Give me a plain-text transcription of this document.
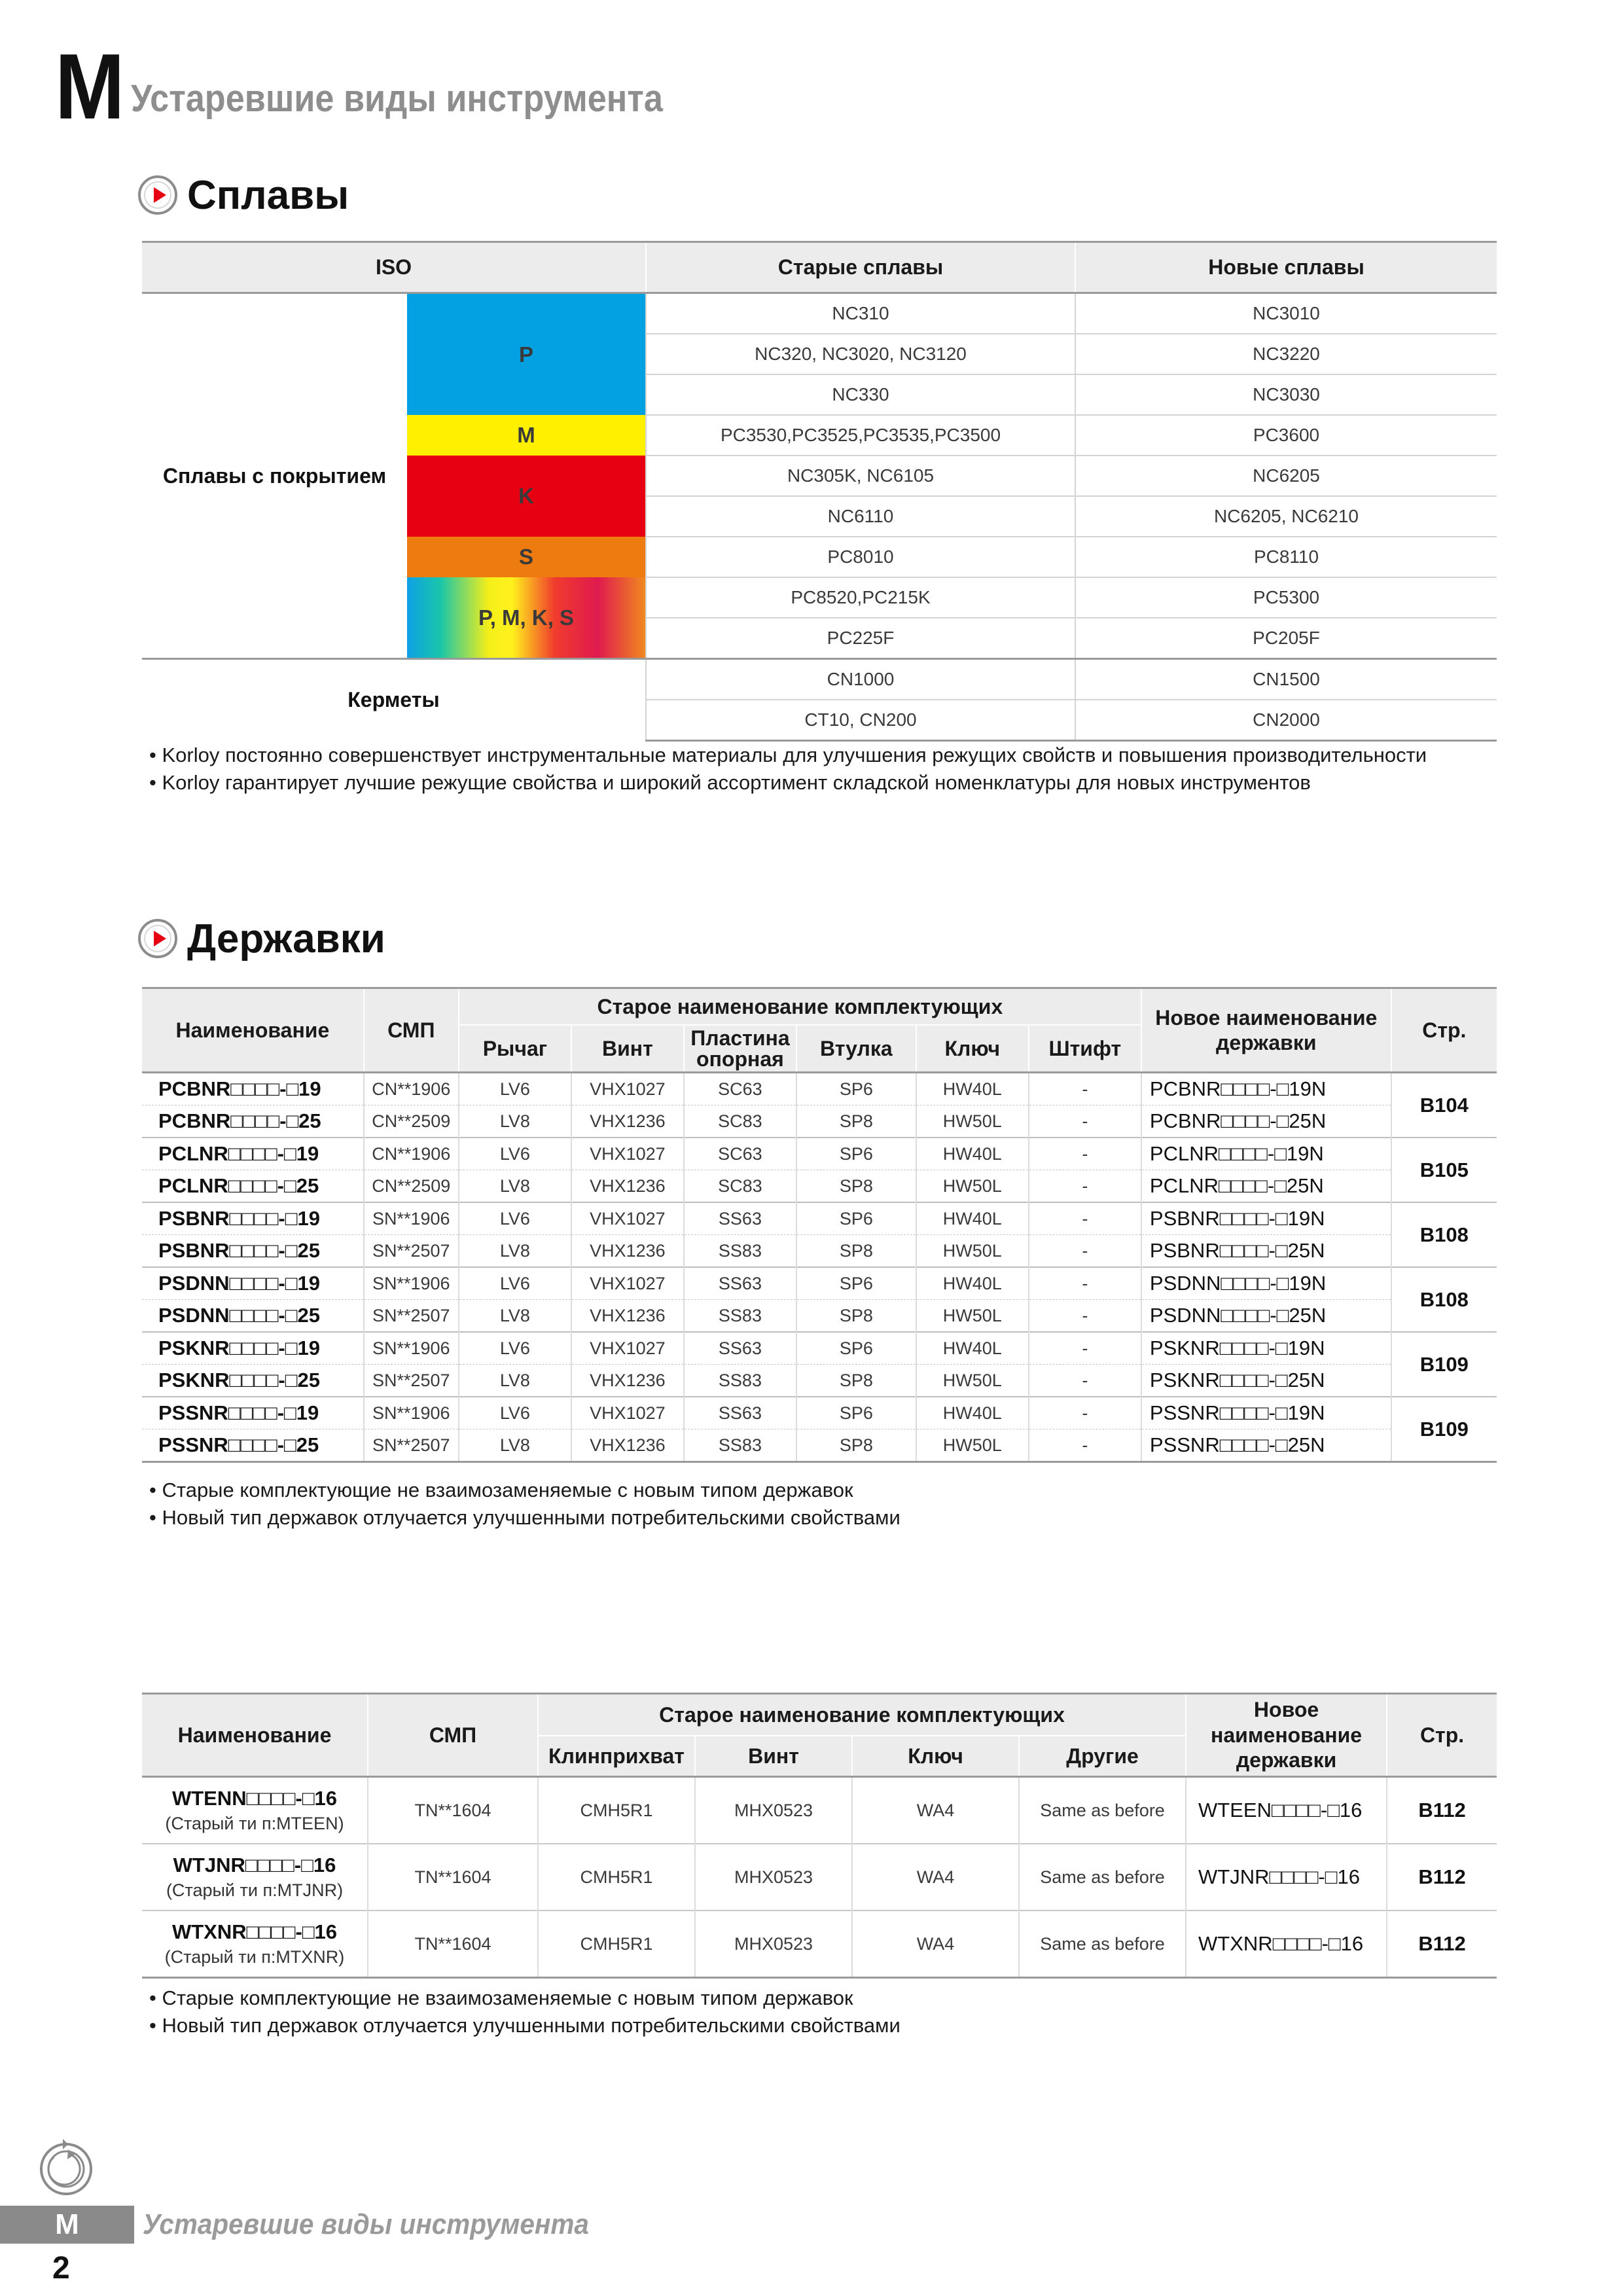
M Устаревшие виды инструмента
Сплавы
ISO		Старые сплавы	Новые сплавы
Сплавы с покрытием	P	NC310	NC3010
		NC320, NC3020, NC3120	NC3220
		NC330	NC3030
	M	PC3530,PC3525,PC3535,PC3500	PC3600
	K	NC305K, NC6105	NC6205
		NC6110	NC6205, NC6210
	S	PC8010	PC8110
	P, M, K, S	PC8520,PC215K	PC5300
		PC225F	PC205F
Керметы		CN1000	CN1500
		CT10, CN200	CN2000
• Korloy постоянно совершенствует инструментальные материалы для улучшения режущих свойств и повышения производительности
• Korloy гарантирует лучшие режущие свойства и широкий ассортимент складской номенклатуры для новых инструментов
Державки
Наименование	СМП	Старое наименование комплектующих						Новое наименование державки	Стр.
		Рычаг	Винт	Пластина опорная	Втулка	Ключ	Штифт		
PCBNR□□□□-□19	CN**1906	LV6	VHX1027	SC63	SP6	HW40L	-	PCBNR□□□□-□19N	B104
PCBNR□□□□-□25	CN**2509	LV8	VHX1236	SC83	SP8	HW50L	-	PCBNR□□□□-□25N	
PCLNR□□□□-□19	CN**1906	LV6	VHX1027	SC63	SP6	HW40L	-	PCLNR□□□□-□19N	B105
PCLNR□□□□-□25	CN**2509	LV8	VHX1236	SC83	SP8	HW50L	-	PCLNR□□□□-□25N	
PSBNR□□□□-□19	SN**1906	LV6	VHX1027	SS63	SP6	HW40L	-	PSBNR□□□□-□19N	B108
PSBNR□□□□-□25	SN**2507	LV8	VHX1236	SS83	SP8	HW50L	-	PSBNR□□□□-□25N	
PSDNN□□□□-□19	SN**1906	LV6	VHX1027	SS63	SP6	HW40L	-	PSDNN□□□□-□19N	B108
PSDNN□□□□-□25	SN**2507	LV8	VHX1236	SS83	SP8	HW50L	-	PSDNN□□□□-□25N	
PSKNR□□□□-□19	SN**1906	LV6	VHX1027	SS63	SP6	HW40L	-	PSKNR□□□□-□19N	B109
PSKNR□□□□-□25	SN**2507	LV8	VHX1236	SS83	SP8	HW50L	-	PSKNR□□□□-□25N	
PSSNR□□□□-□19	SN**1906	LV6	VHX1027	SS63	SP6	HW40L	-	PSSNR□□□□-□19N	B109
PSSNR□□□□-□25	SN**2507	LV8	VHX1236	SS83	SP8	HW50L	-	PSSNR□□□□-□25N	
• Старые комплектующие не взаимозаменяемые с новым типом державок
• Новый тип державок отлучается улучшенными потребительскими свойствами
Наименование	СМП	Старое наименование комплектующих				Новое наименование державки	Стр.
		Клинприхват	Винт	Ключ	Другие		

WTENN□□□□-□16
(Старый ти п:MTEEN)	TN**1604	CMH5R1	MHX0523	WA4	Same as before	WTEEN□□□□-□16	B112

WTJNR□□□□-□16
(Старый ти п:MTJNR)	TN**1604	CMH5R1	MHX0523	WA4	Same as before	WTJNR□□□□-□16	B112

WTXNR□□□□-□16
(Старый ти п:MTXNR)	TN**1604	CMH5R1	MHX0523	WA4	Same as before	WTXNR□□□□-□16	B112
• Старые комплектующие не взаимозаменяемые с новым типом державок
• Новый тип державок отлучается улучшенными потребительскими свойствами
M	Устаревшие виды инструмента
2
